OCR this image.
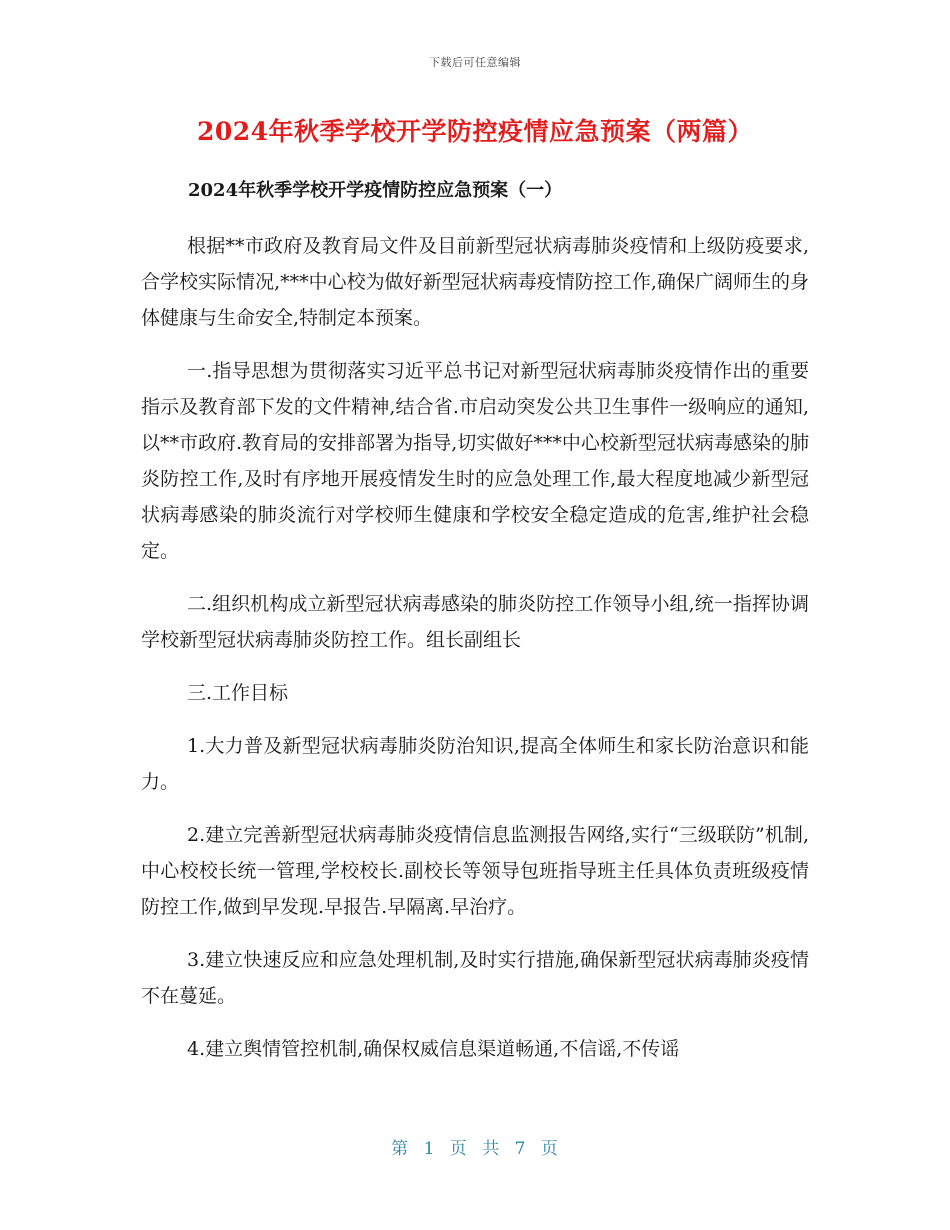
下载后可任意编辑
2024年秋季学校开学防控疫情应急预案（两篇）
2024年秋季学校开学疫情防控应急预案（一）

根据**市政府及教育局文件及目前新型冠状病毒肺炎疫情和上级防疫要求,合学校实际情况,***中心校为做好新型冠状病毒疫情防控工作,确保广阔师生的身体健康与生命安全,特制定本预案。

一.指导思想为贯彻落实习近平总书记对新型冠状病毒肺炎疫情作出的重要指示及教育部下发的文件精神,结合省.市启动突发公共卫生事件一级响应的通知,以**市政府.教育局的安排部署为指导,切实做好***中心校新型冠状病毒感染的肺炎防控工作,及时有序地开展疫情发生时的应急处理工作,最大程度地减少新型冠状病毒感染的肺炎流行对学校师生健康和学校安全稳定造成的危害,维护社会稳定。

二.组织机构成立新型冠状病毒感染的肺炎防控工作领导小组,统一指挥协调学校新型冠状病毒肺炎防控工作。组长副组长

三.工作目标

1.大力普及新型冠状病毒肺炎防治知识,提高全体师生和家长防治意识和能力。

2.建立完善新型冠状病毒肺炎疫情信息监测报告网络,实行“三级联防”机制,中心校校长统一管理,学校校长.副校长等领导包班指导班主任具体负责班级疫情防控工作,做到早发现.早报告.早隔离.早治疗。

3.建立快速反应和应急处理机制,及时实行措施,确保新型冠状病毒肺炎疫情不在蔓延。

4.建立舆情管控机制,确保权威信息渠道畅通,不信谣,不传谣

第 1 页 共 7 页
